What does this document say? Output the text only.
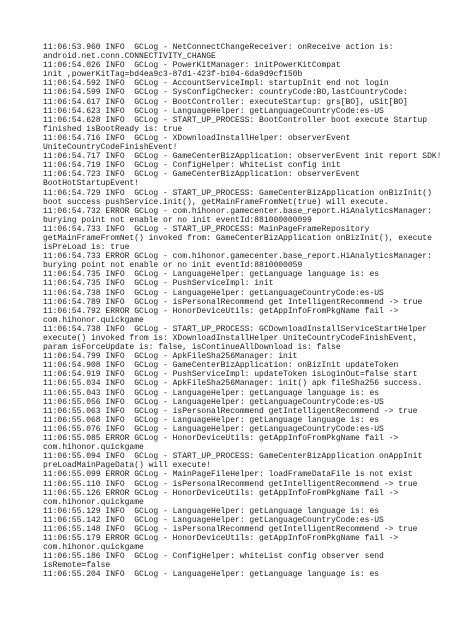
11:06:53.960 INFO  GCLog - NetConnectChangeReceiver: onReceive action is:
android.net.conn.CONNECTIVITY_CHANGE
11:06:54.026 INFO  GCLog - PowerKitManager: initPowerKitCompat
init ,powerKitTag=bd4ea9c3-87d1-423f-b104-6da9d9cf150b
11:06:54.592 INFO  GCLog - AccountServiceImpl: startupInit end not login
11:06:54.599 INFO  GCLog - SysConfigChecker: countryCode:BO,lastCountryCode:
11:06:54.617 INFO  GCLog - BootController: executeStartup: grs[BO], uSit[BO]
11:06:54.623 INFO  GCLog - LanguageHelper: getLanguageCountryCode:es-US
11:06:54.628 INFO  GCLog - START_UP_PROCESS: BootController boot execute Startup
finished isBootReady is: true
11:06:54.716 INFO  GCLog - XDownloadInstallHelper: observerEvent
UniteCountryCodeFinishEvent!
11:06:54.717 INFO  GCLog - GameCenterBizApplication: observerEvent init report SDK!
11:06:54.719 INFO  GCLog - ConfigHelper: WhiteList config init
11:06:54.723 INFO  GCLog - GameCenterBizApplication: observerEvent
BootHotStartupEvent!
11:06:54.729 INFO  GCLog - START_UP_PROCESS: GameCenterBizApplication onBizInit()
boot success pushService.init(), getMainFrameFromNet(true) will execute.
11:06:54.732 ERROR GCLog - com.hihonor.gamecenter.base_report.HiAnalyticsManager:
burying point not enable or no init eventId:881000000099
11:06:54.733 INFO  GCLog - START_UP_PROCESS: MainPageFrameRepository
getMainFrameFromNet() invoked from: GameCenterBizApplication onBizInit(), execute
isPreLoad is: true
11:06:54.733 ERROR GCLog - com.hihonor.gamecenter.base_report.HiAnalyticsManager:
burying point not enable or no init eventId:8810000059
11:06:54.735 INFO  GCLog - LanguageHelper: getLanguage language is: es
11:06:54.735 INFO  GCLog - PushServiceImpl: init
11:06:54.738 INFO  GCLog - LanguageHelper: getLanguageCountryCode:es-US
11:06:54.789 INFO  GCLog - isPersonalRecommend get IntelligentRecommend -> true
11:06:54.792 ERROR GCLog - HonorDeviceUtils: getAppInfoFromPkgName fail ->
com.hihonor.quickgame
11:06:54.738 INFO  GCLog - START_UP_PROCESS: GCDownloadInstallServiceStartHelper
execute() invoked from is: XDownloadInstallHelper UniteCountryCodeFinishEvent,
param isForceUpdate is: false, isContinueAllDownload is: false
11:06:54.799 INFO  GCLog - ApkFileSha256Manager: init
11:06:54.908 INFO  GCLog - GameCenterBizApplication: onBizInit updateToken
11:06:54.919 INFO  GCLog - PushServiceImpl: updateToken isLoginOut=false start
11:06:55.034 INFO  GCLog - ApkFileSha256Manager: init() apk fileSha256 success.
11:06:55.043 INFO  GCLog - LanguageHelper: getLanguage language is: es
11:06:55.056 INFO  GCLog - LanguageHelper: getLanguageCountryCode:es-US
11:06:55.063 INFO  GCLog - isPersonalRecommend getIntelligentRecommend -> true
11:06:55.068 INFO  GCLog - LanguageHelper: getLanguage language is: es
11:06:55.076 INFO  GCLog - LanguageHelper: getLanguageCountryCode:es-US
11:06:55.085 ERROR GCLog - HonorDeviceUtils: getAppInfoFromPkgName fail ->
com.hihonor.quickgame
11:06:55.094 INFO  GCLog - START_UP_PROCESS: GameCenterBizApplication onAppInit
preLoadMainPageData() will execute!
11:06:55.099 ERROR GCLog - MainPageFileHelper: loadFrameDataFile is not exist
11:06:55.110 INFO  GCLog - isPersonalRecommend getIntelligentRecommend -> true
11:06:55.126 ERROR GCLog - HonorDeviceUtils: getAppInfoFromPkgName fail ->
com.hihonor.quickgame
11:06:55.129 INFO  GCLog - LanguageHelper: getLanguage language is: es
11:06:55.142 INFO  GCLog - LanguageHelper: getLanguageCountryCode:es-US
11:06:55.148 INFO  GCLog - isPersonalRecommend getIntelligentRecommend -> true
11:06:55.179 ERROR GCLog - HonorDeviceUtils: getAppInfoFromPkgName fail ->
com.hihonor.quickgame
11:06:55.186 INFO  GCLog - ConfigHelper: whiteList config observer send
isRemote=false
11:06:55.204 INFO  GCLog - LanguageHelper: getLanguage language is: es
